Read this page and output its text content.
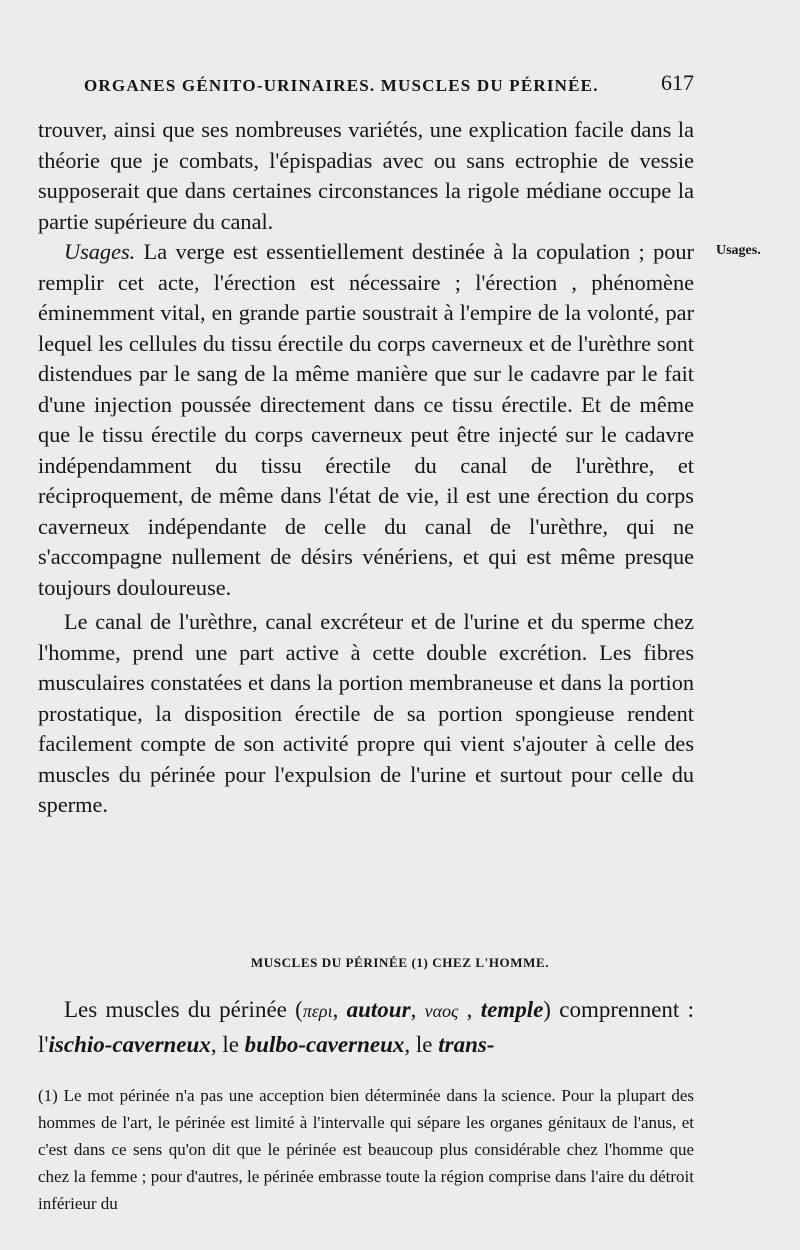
ORGANES GÉNITO-URINAIRES. MUSCLES DU PÉRINÉE.	617
Usages.

trouver, ainsi que ses nombreuses variétés, une explication facile dans la théorie que je combats, l'épispadias avec ou sans ectrophie de vessie supposerait que dans certaines circonstances la rigole médiane occupe la partie supérieure du canal.

Usages. La verge est essentiellement destinée à la copulation ; pour remplir cet acte, l'érection est nécessaire ; l'érection , phénomène éminemment vital, en grande partie soustrait à l'empire de la volonté, par lequel les cellules du tissu érectile du corps caverneux et de l'urèthre sont distendues par le sang de la même manière que sur le cadavre par le fait d'une injection poussée directement dans ce tissu érectile. Et de même que le tissu érectile du corps caverneux peut être injecté sur le cadavre indépendamment du tissu érectile du canal de l'urèthre, et réciproquement, de même dans l'état de vie, il est une érection du corps caverneux indépendante de celle du canal de l'urèthre, qui ne s'accompagne nullement de désirs vénériens, et qui est même presque toujours douloureuse.

Le canal de l'urèthre, canal excréteur et de l'urine et du sperme chez l'homme, prend une part active à cette double excrétion. Les fibres musculaires constatées et dans la portion membraneuse et dans la portion prostatique, la disposition érectile de sa portion spongieuse rendent facilement compte de son activité propre qui vient s'ajouter à celle des muscles du périnée pour l'expulsion de l'urine et surtout pour celle du sperme.

MUSCLES DU PÉRINÉE (1) CHEZ L'HOMME.
Les muscles du périnée (περι, autour, ναος , temple) comprennent : l'ischio-caverneux, le bulbo-caverneux, le trans-

(1) Le mot périnée n'a pas une acception bien déterminée dans la science. Pour la plupart des hommes de l'art, le périnée est limité à l'intervalle qui sépare les organes génitaux de l'anus, et c'est dans ce sens qu'on dit que le périnée est beaucoup plus considérable chez l'homme que chez la femme ; pour d'autres, le périnée embrasse toute la région comprise dans l'aire du détroit inférieur du
